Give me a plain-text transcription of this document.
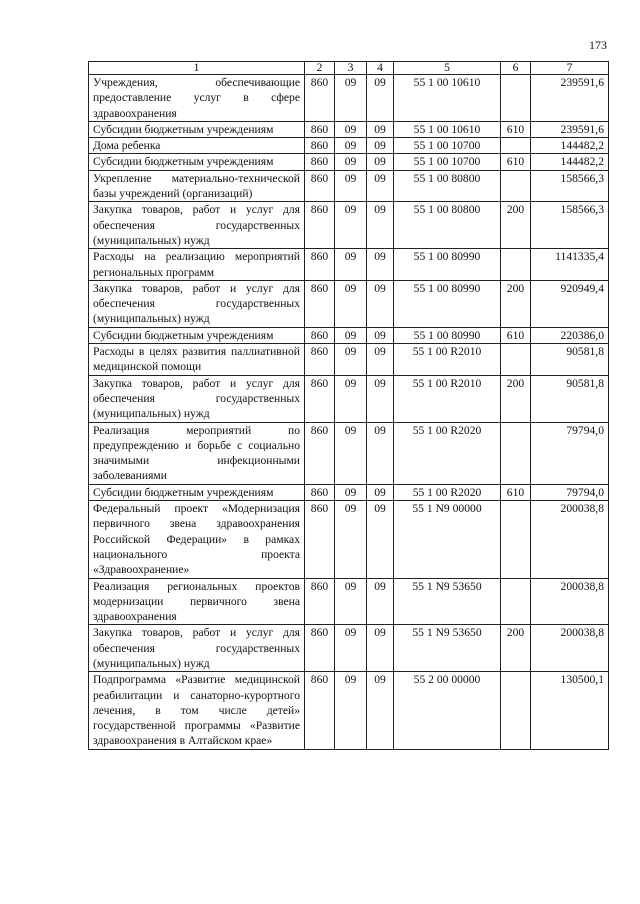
173
1	2	3	4	5	6	7
Учреждения, обеспечивающие предоставление услуг в сфере здравоохранения	860	09	09	55 1 00 10610		239591,6
Субсидии бюджетным учреждениям	860	09	09	55 1 00 10610	610	239591,6
Дома ребенка	860	09	09	55 1 00 10700		144482,2
Субсидии бюджетным учреждениям	860	09	09	55 1 00 10700	610	144482,2
Укрепление материально-технической базы учреждений (организаций)	860	09	09	55 1 00 80800		158566,3
Закупка товаров, работ и услуг для обеспечения государственных (муниципальных) нужд	860	09	09	55 1 00 80800	200	158566,3
Расходы на реализацию мероприятий региональных программ	860	09	09	55 1 00 80990		1141335,4
Закупка товаров, работ и услуг для обеспечения государственных (муниципальных) нужд	860	09	09	55 1 00 80990	200	920949,4
Субсидии бюджетным учреждениям	860	09	09	55 1 00 80990	610	220386,0
Расходы в целях развития паллиативной медицинской помощи	860	09	09	55 1 00 R2010		90581,8
Закупка товаров, работ и услуг для обеспечения государственных (муниципальных) нужд	860	09	09	55 1 00 R2010	200	90581,8
Реализация мероприятий по предупреждению и борьбе с социально значимыми инфекционными заболеваниями	860	09	09	55 1 00 R2020		79794,0
Субсидии бюджетным учреждениям	860	09	09	55 1 00 R2020	610	79794,0
Федеральный проект «Модернизация первичного звена здравоохранения Российской Федерации» в рамках национального проекта «Здравоохранение»	860	09	09	55 1 N9 00000		200038,8
Реализация региональных проектов модернизации первичного звена здравоохранения	860	09	09	55 1 N9 53650		200038,8
Закупка товаров, работ и услуг для обеспечения государственных (муниципальных) нужд	860	09	09	55 1 N9 53650	200	200038,8
Подпрограмма «Развитие медицинской реабилитации и санаторно-курортного лечения, в том числе детей» государственной программы «Развитие здравоохранения в Алтайском крае»	860	09	09	55 2 00 00000		130500,1
